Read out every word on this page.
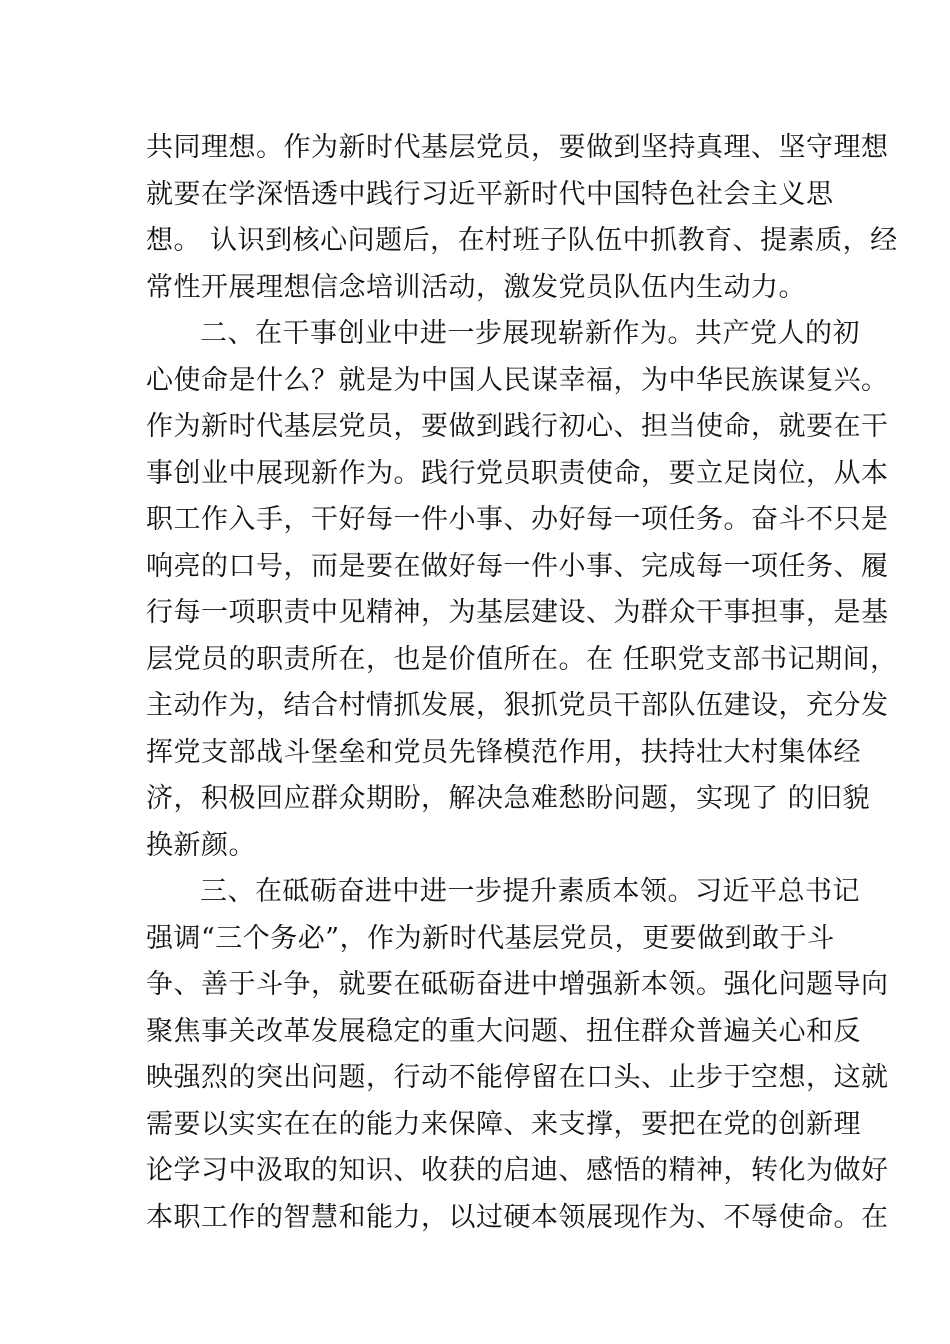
共同理想。作为新时代基层党员，要做到坚持真理、坚守理想
就要在学深悟透中践行习近平新时代中国特色社会主义思
想。 认识到核心问题后，在村班子队伍中抓教育、提素质，经
常性开展理想信念培训活动，激发党员队伍内生动力。
二、在干事创业中进一步展现崭新作为。共产党人的初
心使命是什么？就是为中国人民谋幸福，为中华民族谋复兴。
作为新时代基层党员，要做到践行初心、担当使命，就要在干
事创业中展现新作为。践行党员职责使命，要立足岗位，从本
职工作入手，干好每一件小事、办好每一项任务。奋斗不只是
响亮的口号，而是要在做好每一件小事、完成每一项任务、履
行每一项职责中见精神，为基层建设、为群众干事担事，是基
层党员的职责所在，也是价值所在。在 任职党支部书记期间，
主动作为，结合村情抓发展，狠抓党员干部队伍建设，充分发
挥党支部战斗堡垒和党员先锋模范作用，扶持壮大村集体经
济，积极回应群众期盼，解决急难愁盼问题，实现了 的旧貌
换新颜。
三、在砥砺奋进中进一步提升素质本领。习近平总书记
强调“三个务必”，作为新时代基层党员，更要做到敢于斗
争、善于斗争，就要在砥砺奋进中增强新本领。强化问题导向
聚焦事关改革发展稳定的重大问题、扭住群众普遍关心和反
映强烈的突出问题，行动不能停留在口头、止步于空想，这就
需要以实实在在的能力来保障、来支撑，要把在党的创新理
论学习中汲取的知识、收获的启迪、感悟的精神，转化为做好
本职工作的智慧和能力，以过硬本领展现作为、不辱使命。在
